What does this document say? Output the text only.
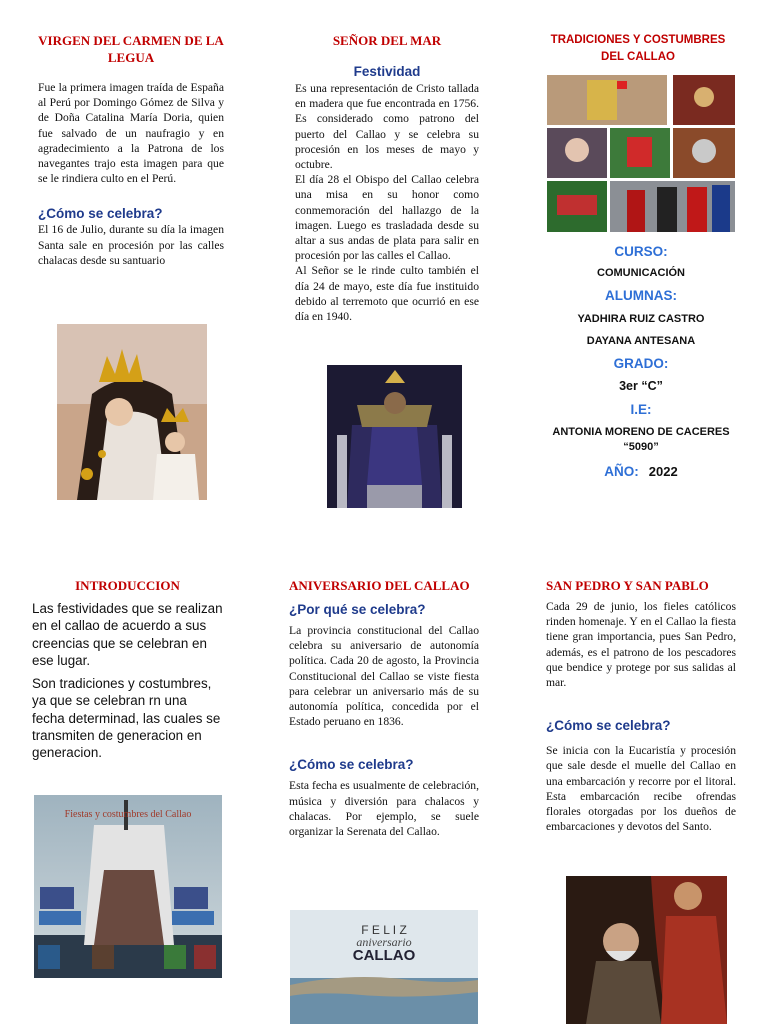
VIRGEN DEL CARMEN DE LA LEGUA

Fue la primera imagen traída de España al Perú por Domingo Gómez de Silva y de Doña Catalina María Doria, quien fue salvado de un naufragio y en agradecimiento a la Patrona de los navegantes trajo esta imagen para que se le rindiera culto en el Perú.

¿Cómo se celebra?

El 16 de Julio, durante su día la imagen Santa sale en procesión por las calles chalacas desde su santuario

SEÑOR DEL MAR
Festividad

Es una representación de Cristo tallada en madera que fue encontrada en 1756. Es considerado como patrono del puerto del Callao y se celebra su procesión en los meses de mayo y octubre.

El día 28 el Obispo del Callao celebra una misa en su honor como conmemoración del hallazgo de la imagen. Luego es trasladada desde su altar a sus andas de plata para salir en procesión por las calles el Callao.

Al Señor se le rinde culto también el día 24 de mayo, este día fue instituido debido al terremoto que ocurrió en ese día en 1940.

TRADICIONES Y COSTUMBRES DEL CALLAO

CURSO:

COMUNICACIÓN

ALUMNAS:

YADHIRA RUIZ CASTRO

DAYANA ANTESANA

GRADO:

3er “C”

I.E:

ANTONIA MORENO DE CACERES “5090”

AÑO: 2022

INTRODUCCION

Las festividades que se realizan en el callao de acuerdo a sus creencias que se celebran en ese lugar.

Son tradiciones y costumbres, ya que se celebran rn una fecha determinad, las cuales se transmiten de generacion en generacion.

Fiestas y costumbres del Callao
ANIVERSARIO DEL CALLAO
¿Por qué se celebra?

La provincia constitucional del Callao celebra su aniversario de autonomía política. Cada 20 de agosto, la Provincia Constitucional del Callao se viste fiesta para celebrar un aniversario más de su autonomía política, concedida por el Estado peruano en 1836.

¿Cómo se celebra?

Esta fecha es usualmente de celebración, música y diversión para chalacos y chalacas. Por ejemplo, se suele organizar la Serenata del Callao.

F E L I Z
aniversario
CALLAO
SAN PEDRO Y SAN PABLO

Cada 29 de junio, los fieles católicos rinden homenaje. Y en el Callao la fiesta tiene gran importancia, pues San Pedro, además, es el patrono de los pescadores que bendice y protege por sus salidas al mar.

¿Cómo se celebra?

Se inicia con la Eucaristía y procesión que sale desde el muelle del Callao en una embarcación y recorre por el litoral. Esta embarcación recibe ofrendas florales otorgadas por los dueños de embarcaciones y devotos del Santo.
